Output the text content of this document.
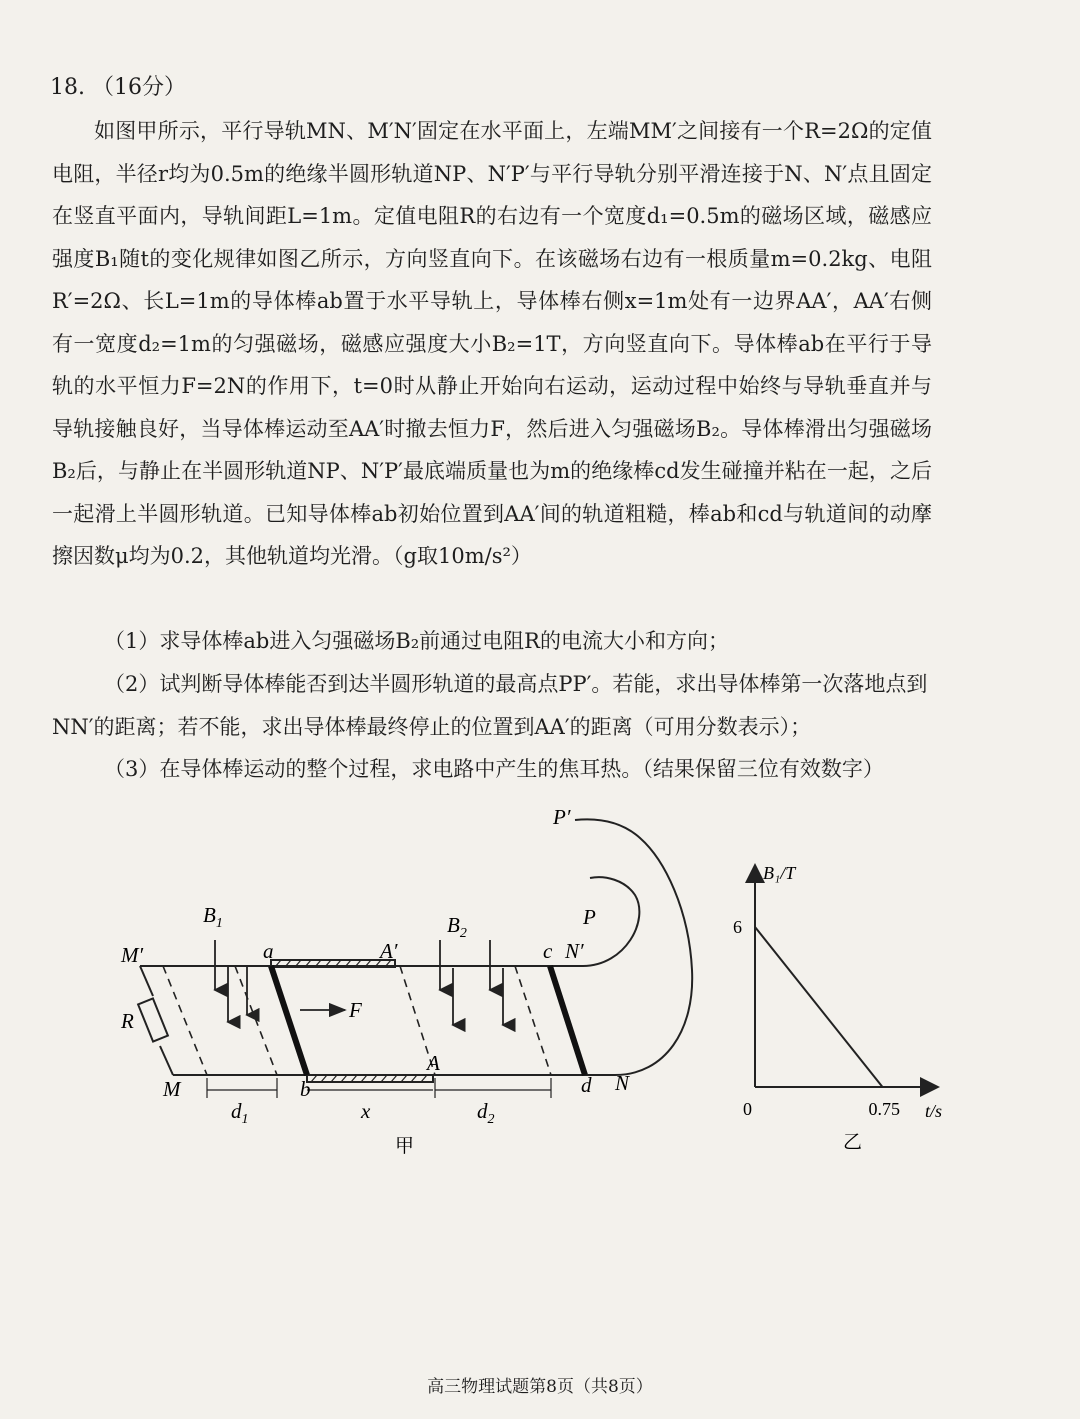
18. （16分）
如图甲所示，平行导轨MN、M′N′固定在水平面上，左端MM′之间接有一个R=2Ω的定值电阻，半径r均为0.5m的绝缘半圆形轨道NP、N′P′与平行导轨分别平滑连接于N、N′点且固定在竖直平面内，导轨间距L=1m。定值电阻R的右边有一个宽度d₁=0.5m的磁场区域，磁感应强度B₁随t的变化规律如图乙所示，方向竖直向下。在该磁场右边有一根质量m=0.2kg、电阻R′=2Ω、长L=1m的导体棒ab置于水平导轨上，导体棒右侧x=1m处有一边界AA′，AA′右侧有一宽度d₂=1m的匀强磁场，磁感应强度大小B₂=1T，方向竖直向下。导体棒ab在平行于导轨的水平恒力F=2N的作用下，t=0时从静止开始向右运动，运动过程中始终与导轨垂直并与导轨接触良好，当导体棒运动至AA′时撤去恒力F，然后进入匀强磁场B₂。导体棒滑出匀强磁场B₂后，与静止在半圆形轨道NP、N′P′最底端质量也为m的绝缘棒cd发生碰撞并粘在一起，之后一起滑上半圆形轨道。已知导体棒ab初始位置到AA′间的轨道粗糙，棒ab和cd与轨道间的动摩擦因数μ均为0.2，其他轨道均光滑。（g取10m/s²）
（1）求导体棒ab进入匀强磁场B₂前通过电阻R的电流大小和方向；
（2）试判断导体棒能否到达半圆形轨道的最高点PP′。若能，求出导体棒第一次落地点到NN′的距离；若不能，求出导体棒最终停止的位置到AA′的距离（可用分数表示）；
（3）在导体棒运动的整个过程，求电路中产生的焦耳热。（结果保留三位有效数字）
M′
M
R
$B_1$
a
b
F
A′
A
$B_2$
c N′
d N
P′
P
$d_1$	x	$d_2$
甲
B₁/T
t/s
0
6
0.75
乙
高三物理试题第8页（共8页）
